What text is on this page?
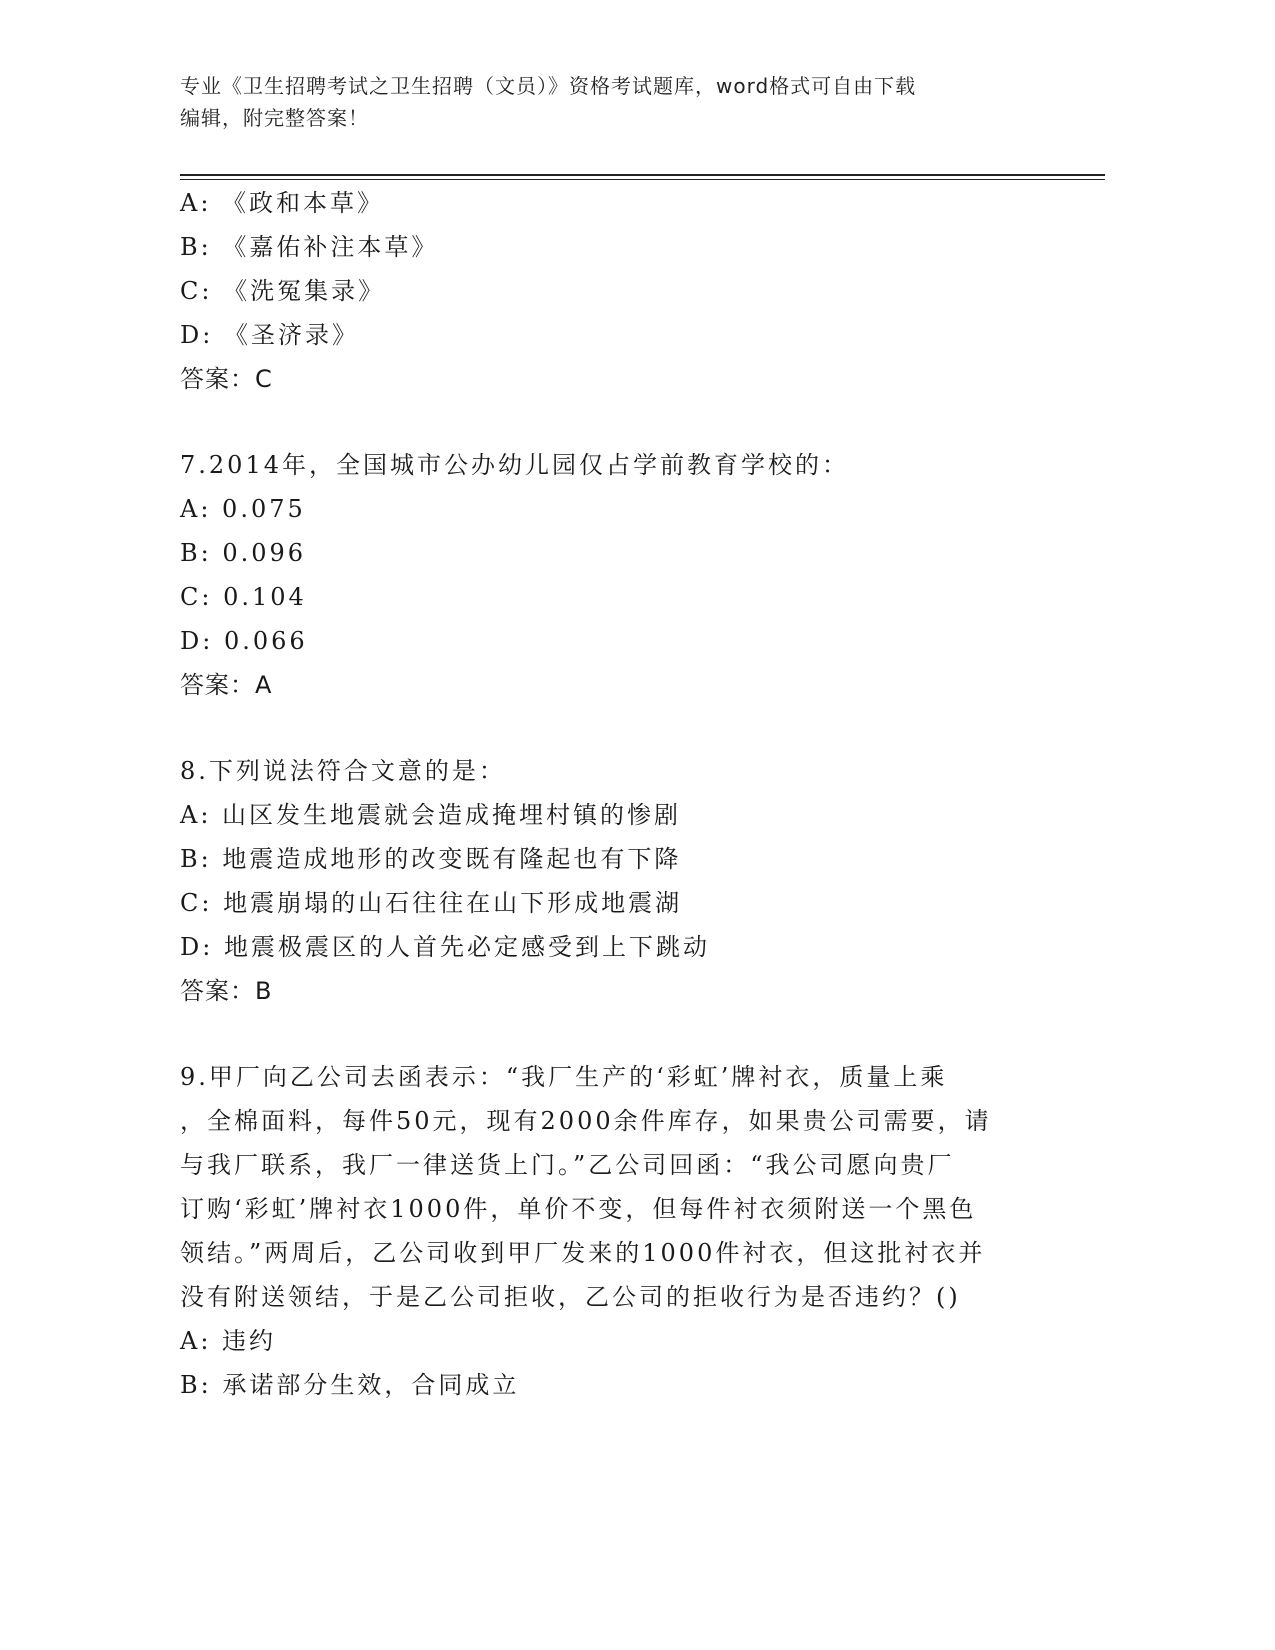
专业《卫生招聘考试之卫生招聘（文员）》资格考试题库，word格式可自由下载
编辑，附完整答案！
A: 《政和本草》
B: 《嘉佑补注本草》
C: 《洗冤集录》
D: 《圣济录》
答案：C
7.2014年，全国城市公办幼儿园仅占学前教育学校的：
A: 0.075
B: 0.096
C: 0.104
D: 0.066
答案：A
8.下列说法符合文意的是：
A: 山区发生地震就会造成掩埋村镇的惨剧
B: 地震造成地形的改变既有隆起也有下降
C: 地震崩塌的山石往往在山下形成地震湖
D: 地震极震区的人首先必定感受到上下跳动
答案：B
9.甲厂向乙公司去函表示：“我厂生产的‘彩虹’牌衬衣，质量上乘
，全棉面料，每件50元，现有2000余件库存，如果贵公司需要，请
与我厂联系，我厂一律送货上门。”乙公司回函：“我公司愿向贵厂
订购‘彩虹’牌衬衣1000件，单价不变，但每件衬衣须附送一个黑色
领结。”两周后，乙公司收到甲厂发来的1000件衬衣，但这批衬衣并
没有附送领结，于是乙公司拒收，乙公司的拒收行为是否违约？()
A: 违约
B: 承诺部分生效，合同成立
